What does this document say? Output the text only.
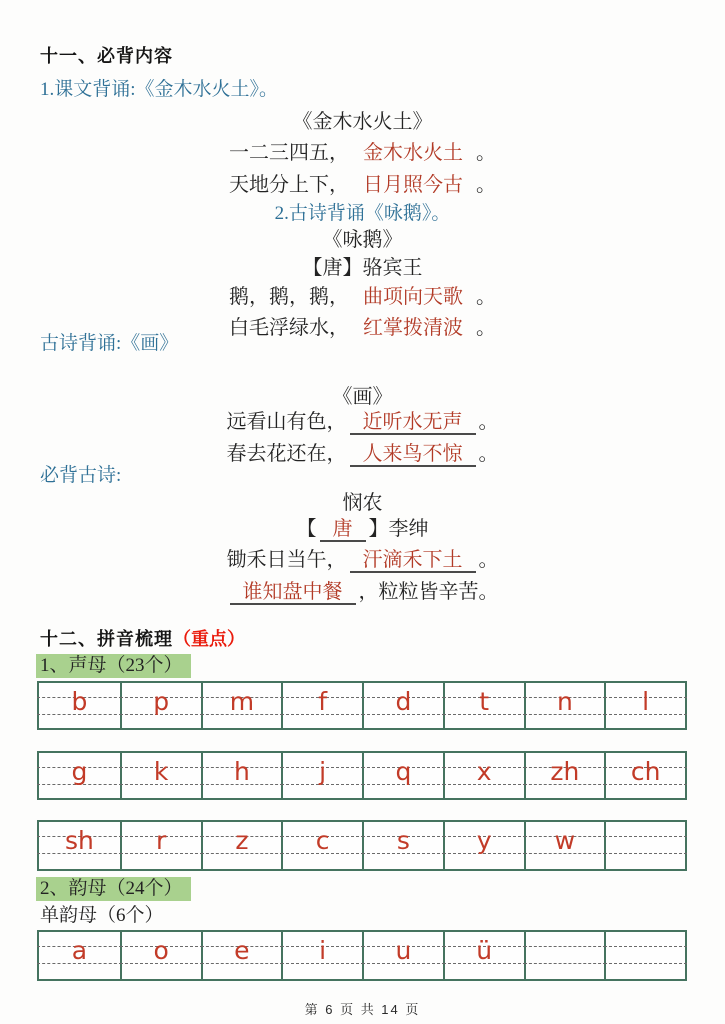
十一、必背内容
1.课文背诵:《金木水火土》。
《金木水火土》
一二三四五， 金木水火土 。
天地分上下， 日月照今古 。
2.古诗背诵《咏鹅》。
《咏鹅》
【唐】骆宾王
鹅，鹅，鹅， 曲项向天歌 。
白毛浮绿水， 红掌拨清波 。
古诗背诵:《画》
《画》
远看山有色， 近听水无声 。
春去花还在， 人来鸟不惊 。
必背古诗:
悯农
【 唐 】李绅
锄禾日当午， 汗滴禾下土 。
谁知盘中餐 ，粒粒皆辛苦。
十二、拼音梳理（重点）
1、声母（23个）
b	p	m	f	d	t	n	l
g	k	h	j	q	x	zh	ch
sh	r	z	c	s	y	w
2、韵母（24个）
单韵母（6个）
a	o	e	i	u	ü
第 6 页 共 14 页
